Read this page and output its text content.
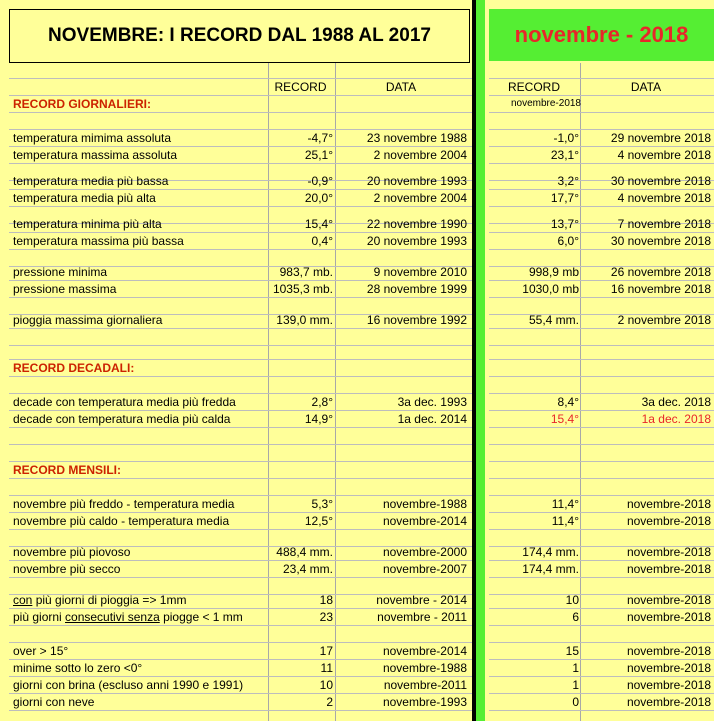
NOVEMBRE: I RECORD DAL 1988 AL 2017	novembre - 2018
RECORD	DATA	RECORD	DATA
RECORD GIORNALIERI:	novembre-2018
temperatura mimima assoluta	-4,7°	23 novembre 1988	-1,0°	29 novembre 2018
temperatura massima assoluta	25,1°	2 novembre 2004	23,1°	4 novembre 2018
temperatura media più bassa	-0,9°	20 novembre 1993	3,2°	30 novembre 2018
temperatura media più alta	20,0°	2 novembre 2004	17,7°	4 novembre 2018
temperatura minima più alta	15,4°	22 novembre 1990	13,7°	7 novembre 2018
temperatura massima più bassa	0,4°	20 novembre 1993	6,0°	30 novembre 2018
pressione minima	983,7 mb.	9 novembre 2010	998,9 mb	26 novembre 2018
pressione massima	1035,3 mb.	28 novembre 1999	1030,0 mb	16 novembre 2018
pioggia massima giornaliera	139,0 mm.	16 novembre 1992	55,4 mm.	2 novembre 2018
RECORD DECADALI:
decade con temperatura media più fredda	2,8°	3a dec. 1993	8,4°	3a dec. 2018
decade con temperatura media più calda	14,9°	1a dec. 2014	15,4°	1a dec. 2018
RECORD MENSILI:
novembre più freddo - temperatura media	5,3°	novembre-1988	11,4°	novembre-2018
novembre più caldo - temperatura media	12,5°	novembre-2014	11,4°	novembre-2018
novembre più piovoso	488,4 mm.	novembre-2000	174,4 mm.	novembre-2018
novembre più secco	23,4 mm.	novembre-2007	174,4 mm.	novembre-2018
con più giorni di pioggia => 1mm	18	novembre - 2014	10	novembre-2018
più giorni consecutivi senza piogge < 1 mm	23	novembre - 2011	6	novembre-2018
over > 15°	17	novembre-2014	15	novembre-2018
minime sotto lo zero <0°	11	novembre-1988	1	novembre-2018
giorni con brina (escluso anni 1990 e 1991)	10	novembre-2011	1	novembre-2018
giorni con neve	2	novembre-1993	0	novembre-2018
